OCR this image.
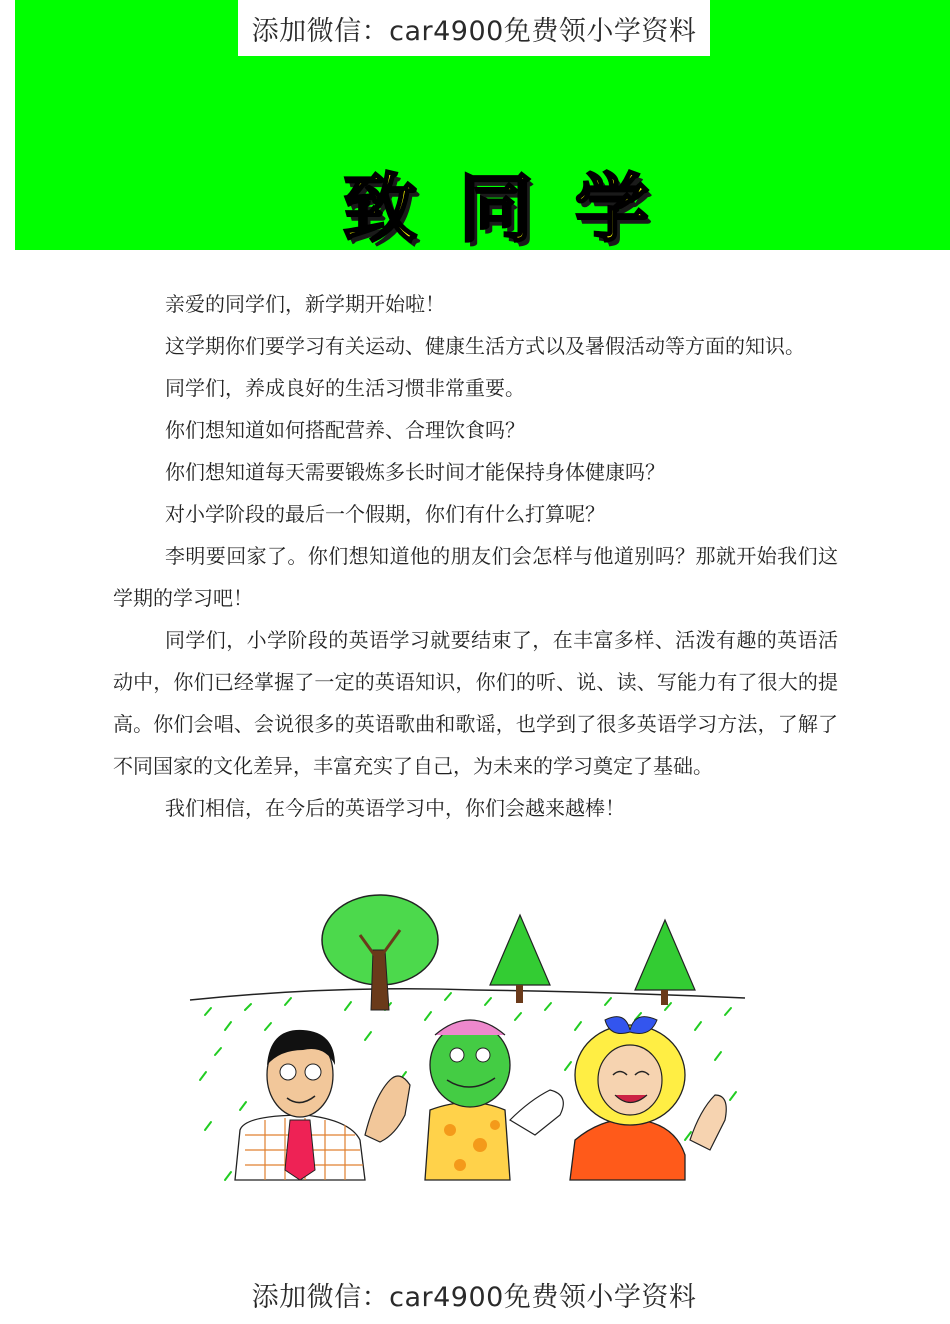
添加微信：car4900免费领小学资料
致同学

亲爱的同学们，新学期开始啦！

这学期你们要学习有关运动、健康生活方式以及暑假活动等方面的知识。

同学们，养成良好的生活习惯非常重要。

你们想知道如何搭配营养、合理饮食吗？

你们想知道每天需要锻炼多长时间才能保持身体健康吗？

对小学阶段的最后一个假期，你们有什么打算呢？

李明要回家了。你们想知道他的朋友们会怎样与他道别吗？那就开始我们这学期的学习吧！

同学们，小学阶段的英语学习就要结束了，在丰富多样、活泼有趣的英语活动中，你们已经掌握了一定的英语知识，你们的听、说、读、写能力有了很大的提高。你们会唱、会说很多的英语歌曲和歌谣，也学到了很多英语学习方法，了解了不同国家的文化差异，丰富充实了自己，为未来的学习奠定了基础。

我们相信，在今后的英语学习中，你们会越来越棒！

添加微信：car4900免费领小学资料
